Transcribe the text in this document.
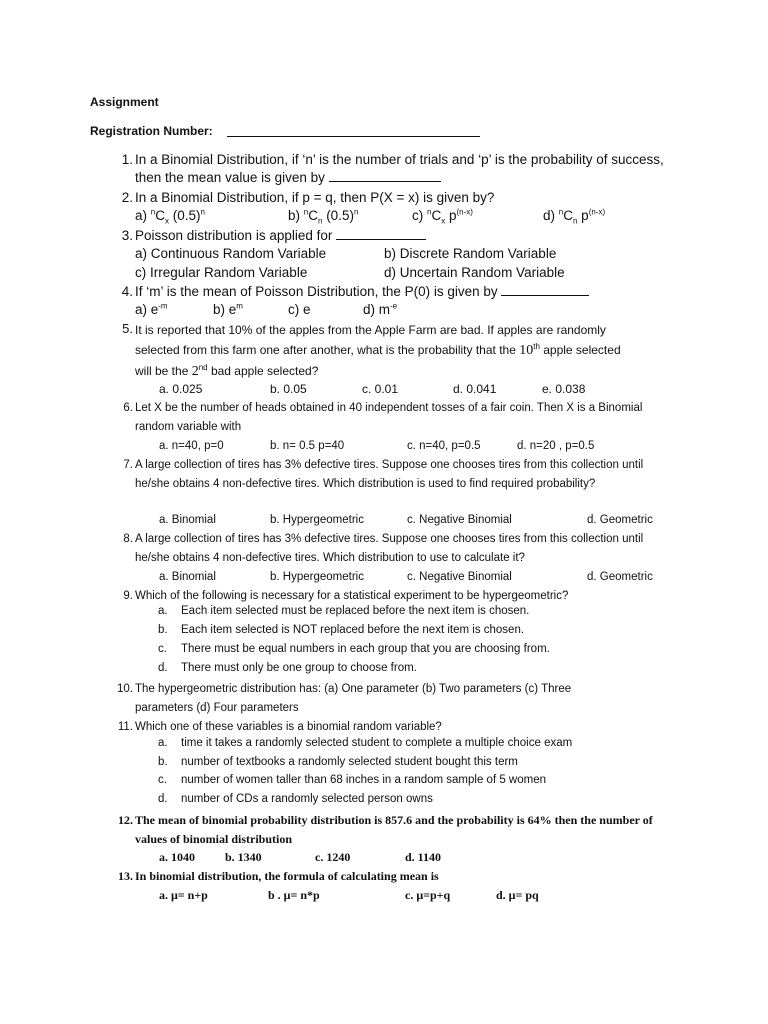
Assignment
Registration Number:
1. In a Binomial Distribution, if ‘n’ is the number of trials and ‘p’ is the probability of success, then the mean value is given by
2. In a Binomial Distribution, if p = q, then P(X = x) is given by?
a) $^nC_x$ $(0.5)^n$	b) $^nC_n$ $(0.5)^n$	c) $^nC_x$ $p^{(n-x)}$	d) $^nC_n$ $p^{(n-x)}$
3. Poisson distribution is applied for
a) Continuous Random Variable	b) Discrete Random Variable
c) Irregular Random Variable	d) Uncertain Random Variable
4. If ‘m’ is the mean of Poisson Distribution, the P(0) is given by
a) $e^{-m}$	b) $e^m$	c) e	d) $m^{-e}$
5. It is reported that 10% of the apples from the Apple Farm are bad. If apples are randomly
selected from this farm one after another, what is the probability that the 10th apple selected
will be the 2nd bad apple selected?
a. 0.025	b. 0.05	c. 0.01	d. 0.041	e. 0.038
6. Let X be the number of heads obtained in 40 independent tosses of a fair coin. Then X is a Binomial random variable with
a. n=40, p=0	b. n= 0.5 p=40	c. n=40, p=0.5	d. n=20 , p=0.5
7. A large collection of tires has 3% defective tires. Suppose one chooses tires from this collection until he/she obtains 4 non-defective tires. Which distribution is used to find required probability?
a. Binomial	b. Hypergeometric	c. Negative Binomial	d. Geometric
8. A large collection of tires has 3% defective tires. Suppose one chooses tires from this collection until he/she obtains 4 non-defective tires. Which distribution to use to calculate it?
a. Binomial	b. Hypergeometric	c. Negative Binomial	d. Geometric
9. Which of the following is necessary for a statistical experiment to be hypergeometric?
a. Each item selected must be replaced before the next item is chosen.
b. Each item selected is NOT replaced before the next item is chosen.
c. There must be equal numbers in each group that you are choosing from.
d. There must only be one group to choose from.
10. The hypergeometric distribution has: (a) One parameter (b) Two parameters (c) Three
parameters (d) Four parameters
11. Which one of these variables is a binomial random variable?
a. time it takes a randomly selected student to complete a multiple choice exam
b. number of textbooks a randomly selected student bought this term
c. number of women taller than 68 inches in a random sample of 5 women
d. number of CDs a randomly selected person owns
12. The mean of binomial probability distribution is 857.6 and the probability is 64% then the number of values of binomial distribution
a. 1040	b. 1340	c. 1240	d. 1140
13. In binomial distribution, the formula of calculating mean is
a. μ= n+p	b . μ= n*p	c. μ=p+q	d. μ= pq
